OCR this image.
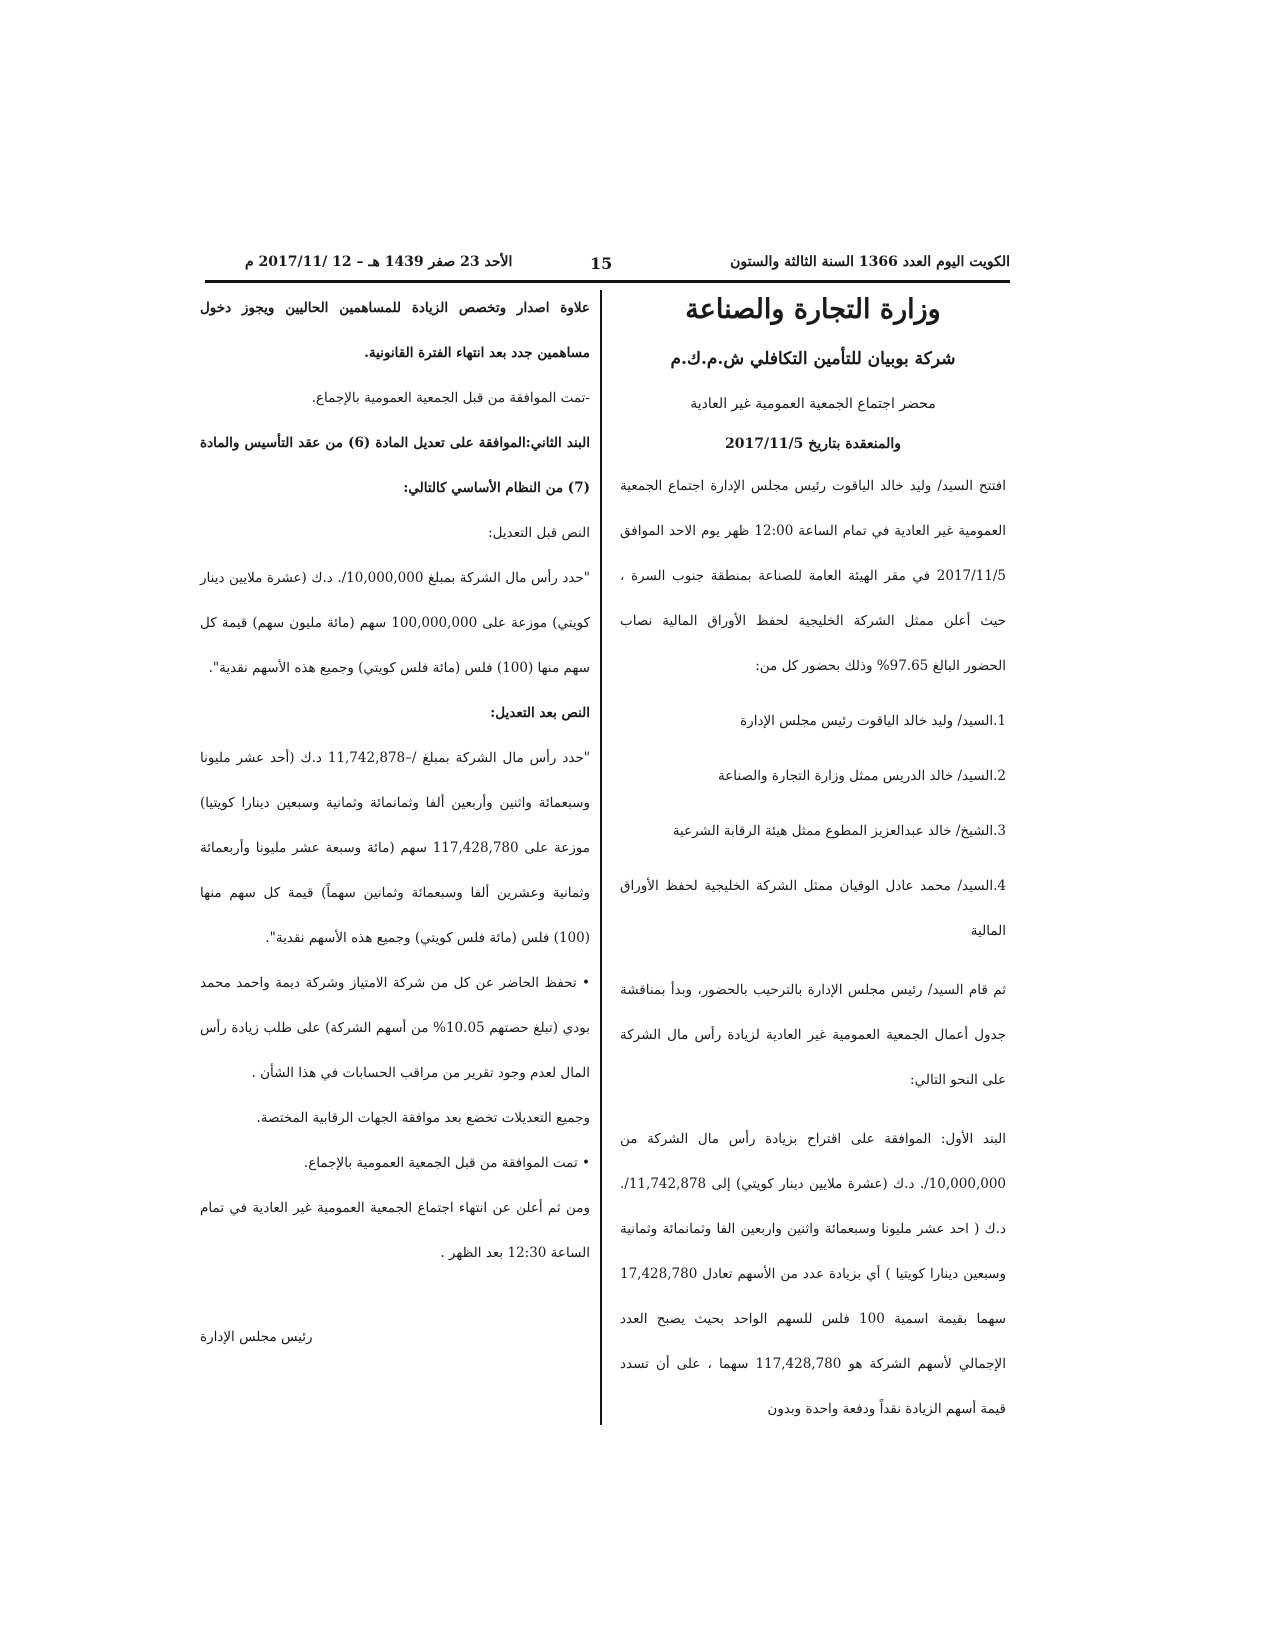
الكويت اليوم العدد 1366 السنة الثالثة والستون
15
الأحد 23 صفر 1439 هـ – 12 /2017/11 م
وزارة التجارة والصناعة
شركة بوبيان للتأمين التكافلي ش.م.ك.م

محضر اجتماع الجمعية العمومية غير العادية

والمنعقدة بتاريخ 2017/11/5

افتتح السيد/ وليد خالد الياقوت رئيس مجلس الإدارة اجتماع الجمعية العمومية غير العادية في تمام الساعة 12:00 ظهر يوم الاحد الموافق 2017/11/5 في مقر الهيئة العامة للصناعة بمنطقة جنوب السرة ، حيث أعلن ممثل الشركة الخليجية لحفظ الأوراق المالية نصاب الحضور البالغ 97.65% وذلك بحضور كل من:

1.السيد/ وليد خالد الياقوت رئيس مجلس الإدارة

2.السيد/ خالد الدريس ممثل وزارة التجارة والصناعة

3.الشيخ/ خالد عبدالعزيز المطوع ممثل هيئة الرقابة الشرعية

4.السيد/ محمد عادل الوقيان ممثل الشركة الخليجية لحفظ الأوراق المالية

ثم قام السيد/ رئيس مجلس الإدارة بالترحيب بالحضور، وبدأ بمناقشة جدول أعمال الجمعية العمومية غير العادية لزيادة رأس مال الشركة على النحو التالي:

البند الأول: الموافقة على اقتراح بزيادة رأس مال الشركة من 10,000,000/. د.ك (عشرة ملايين دينار كويتي) إلى 11,742,878/. د.ك ( احد عشر مليونا وسبعمائة واثنين واربعين الفا وثمانمائة وثمانية وسبعين دينارا كويتيا ) أي بزيادة عدد من الأسهم تعادل 17,428,780 سهما بقيمة اسمية 100 فلس للسهم الواحد بحيث يصبح العدد الإجمالي لأسهم الشركة هو 117,428,780 سهما ، على أن تسدد قيمة أسهم الزيادة نقداً ودفعة واحدة وبدون

علاوة اصدار وتخصص الزيادة للمساهمين الحاليين ويجوز دخول مساهمين جدد بعد انتهاء الفترة القانونية.

-تمت الموافقة من قبل الجمعية العمومية بالإجماع.

البند الثاني:الموافقة على تعديل المادة (6) من عقد التأسيس والمادة (7) من النظام الأساسي كالتالي:

النص قبل التعديل:

"حدد رأس مال الشركة بمبلغ 10,000,000/. د.ك (عشرة ملايين دينار كويتي) موزعة على 100,000,000 سهم (مائة مليون سهم) قيمة كل سهم منها (100) فلس (مائة فلس كويتي) وجميع هذه الأسهم نقدية".

النص بعد التعديل:

"حدد رأس مال الشركة بمبلغ /–11,742,878 د.ك (أحد عشر مليونا وسبعمائة واثنين وأربعين ألفا وثمانمائة وثمانية وسبعين دينارا كويتيا) موزعة على 117,428,780 سهم (مائة وسبعة عشر مليونا وأربعمائة وثمانية وعشرين ألفا وسبعمائة وثمانين سهماً) قيمة كل سهم منها (100) فلس (مائة فلس كويتي) وجميع هذه الأسهم نقدية".

• تحفظ الحاضر عن كل من شركة الامتياز وشركة ديمة واحمد محمد بودي (تبلغ حصتهم 10.05% من أسهم الشركة) على طلب زيادة رأس المال لعدم وجود تقرير من مراقب الحسابات في هذا الشأن .

وجميع التعديلات تخضع بعد موافقة الجهات الرقابية المختصة.

• تمت الموافقة من قبل الجمعية العمومية بالإجماع.

ومن ثم أعلن عن انتهاء اجتماع الجمعية العمومية غير العادية في تمام الساعة 12:30 بعد الظهر .

رئيس مجلس الإدارة
